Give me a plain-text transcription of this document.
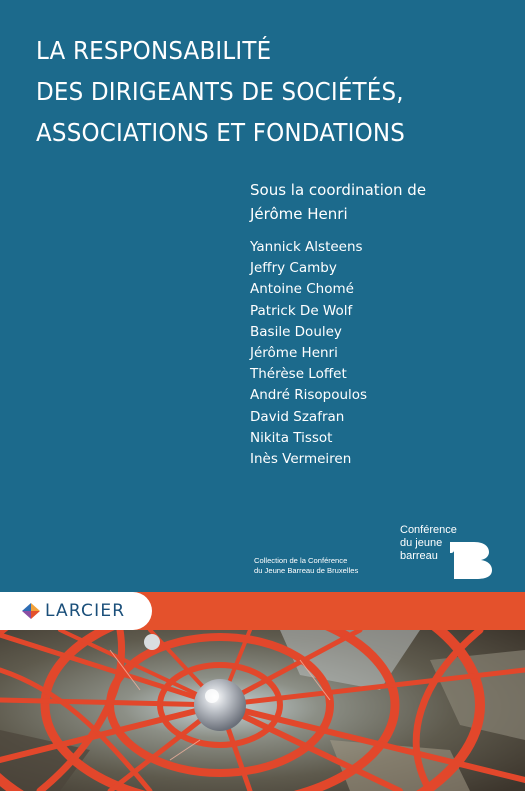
LA RESPONSABILITÉ
DES DIRIGEANTS DE SOCIÉTÉS,
ASSOCIATIONS ET FONDATIONS
Sous la coordination de
Jérôme Henri
Yannick Alsteens
Jeffry Camby
Antoine Chomé
Patrick De Wolf
Basile Douley
Jérôme Henri
Thérèse Loffet
André Risopoulos
David Szafran
Nikita Tissot
Inès Vermeiren
Collection de la Conférence
du Jeune Barreau de Bruxelles
Conférence
du jeune
barreau
LARCIER
